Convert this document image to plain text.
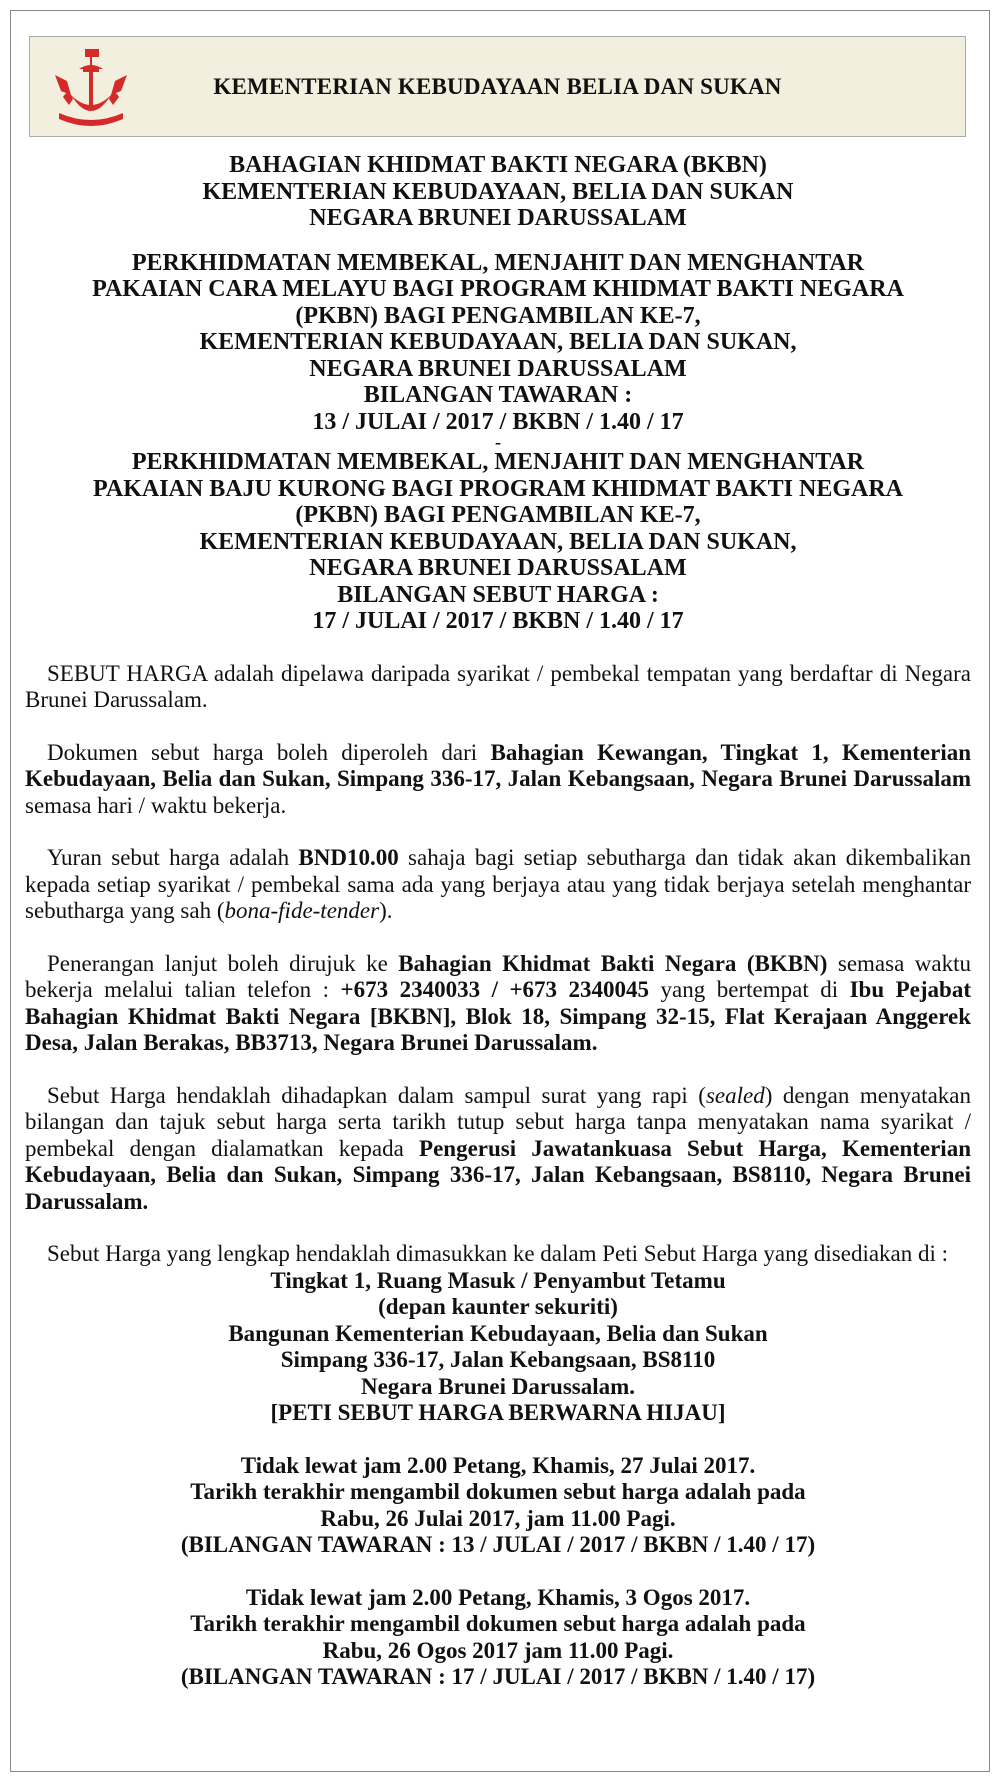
KEMENTERIAN KEBUDAYAAN BELIA DAN SUKAN

BAHAGIAN KHIDMAT BAKTI NEGARA (BKBN)

KEMENTERIAN KEBUDAYAAN, BELIA DAN SUKAN

NEGARA BRUNEI DARUSSALAM

PERKHIDMATAN MEMBEKAL, MENJAHIT DAN MENGHANTAR

PAKAIAN CARA MELAYU BAGI PROGRAM KHIDMAT BAKTI NEGARA

(PKBN) BAGI PENGAMBILAN KE-7,

KEMENTERIAN KEBUDAYAAN, BELIA DAN SUKAN,

NEGARA BRUNEI DARUSSALAM

BILANGAN TAWARAN :

13 / JULAI / 2017 / BKBN / 1.40 / 17

-

PERKHIDMATAN MEMBEKAL, MENJAHIT DAN MENGHANTAR

PAKAIAN BAJU KURONG BAGI PROGRAM KHIDMAT BAKTI NEGARA

(PKBN) BAGI PENGAMBILAN KE-7,

KEMENTERIAN KEBUDAYAAN, BELIA DAN SUKAN,

NEGARA BRUNEI DARUSSALAM

BILANGAN SEBUT HARGA :

17 / JULAI / 2017 / BKBN / 1.40 / 17

SEBUT HARGA adalah dipelawa daripada syarikat / pembekal tempatan yang berdaftar di Negara Brunei Darussalam.

Dokumen sebut harga boleh diperoleh dari Bahagian Kewangan, Tingkat 1, Kementerian Kebudayaan, Belia dan Sukan, Simpang 336-17, Jalan Kebangsaan, Negara Brunei Darussalam semasa hari / waktu bekerja.

Yuran sebut harga adalah BND10.00 sahaja bagi setiap sebutharga dan tidak akan dikembalikan kepada setiap syarikat / pembekal sama ada yang berjaya atau yang tidak berjaya setelah menghantar sebutharga yang sah (bona-fide-tender).

Penerangan lanjut boleh dirujuk ke Bahagian Khidmat Bakti Negara (BKBN) semasa waktu bekerja melalui talian telefon : +673 2340033 / +673 2340045 yang bertempat di Ibu Pejabat Bahagian Khidmat Bakti Negara [BKBN], Blok 18, Simpang 32-15, Flat Kerajaan Anggerek Desa, Jalan Berakas, BB3713, Negara Brunei Darussalam.

Sebut Harga hendaklah dihadapkan dalam sampul surat yang rapi (sealed) dengan menyatakan bilangan dan tajuk sebut harga serta tarikh tutup sebut harga tanpa menyatakan nama syarikat / pembekal dengan dialamatkan kepada Pengerusi Jawatankuasa Sebut Harga, Kementerian Kebudayaan, Belia dan Sukan, Simpang 336-17, Jalan Kebangsaan, BS8110, Negara Brunei Darussalam.

Sebut Harga yang lengkap hendaklah dimasukkan ke dalam Peti Sebut Harga yang disediakan di :

Tingkat 1, Ruang Masuk / Penyambut Tetamu

(depan kaunter sekuriti)

Bangunan Kementerian Kebudayaan, Belia dan Sukan

Simpang 336-17, Jalan Kebangsaan, BS8110

Negara Brunei Darussalam.

[PETI SEBUT HARGA BERWARNA HIJAU]

Tidak lewat jam 2.00 Petang, Khamis, 27 Julai 2017.

Tarikh terakhir mengambil dokumen sebut harga adalah pada

Rabu, 26 Julai 2017, jam 11.00 Pagi.

(BILANGAN TAWARAN : 13 / JULAI / 2017 / BKBN / 1.40 / 17)

Tidak lewat jam 2.00 Petang, Khamis, 3 Ogos 2017.

Tarikh terakhir mengambil dokumen sebut harga adalah pada

Rabu, 26 Ogos 2017 jam 11.00 Pagi.

(BILANGAN TAWARAN : 17 / JULAI / 2017 / BKBN / 1.40 / 17)
